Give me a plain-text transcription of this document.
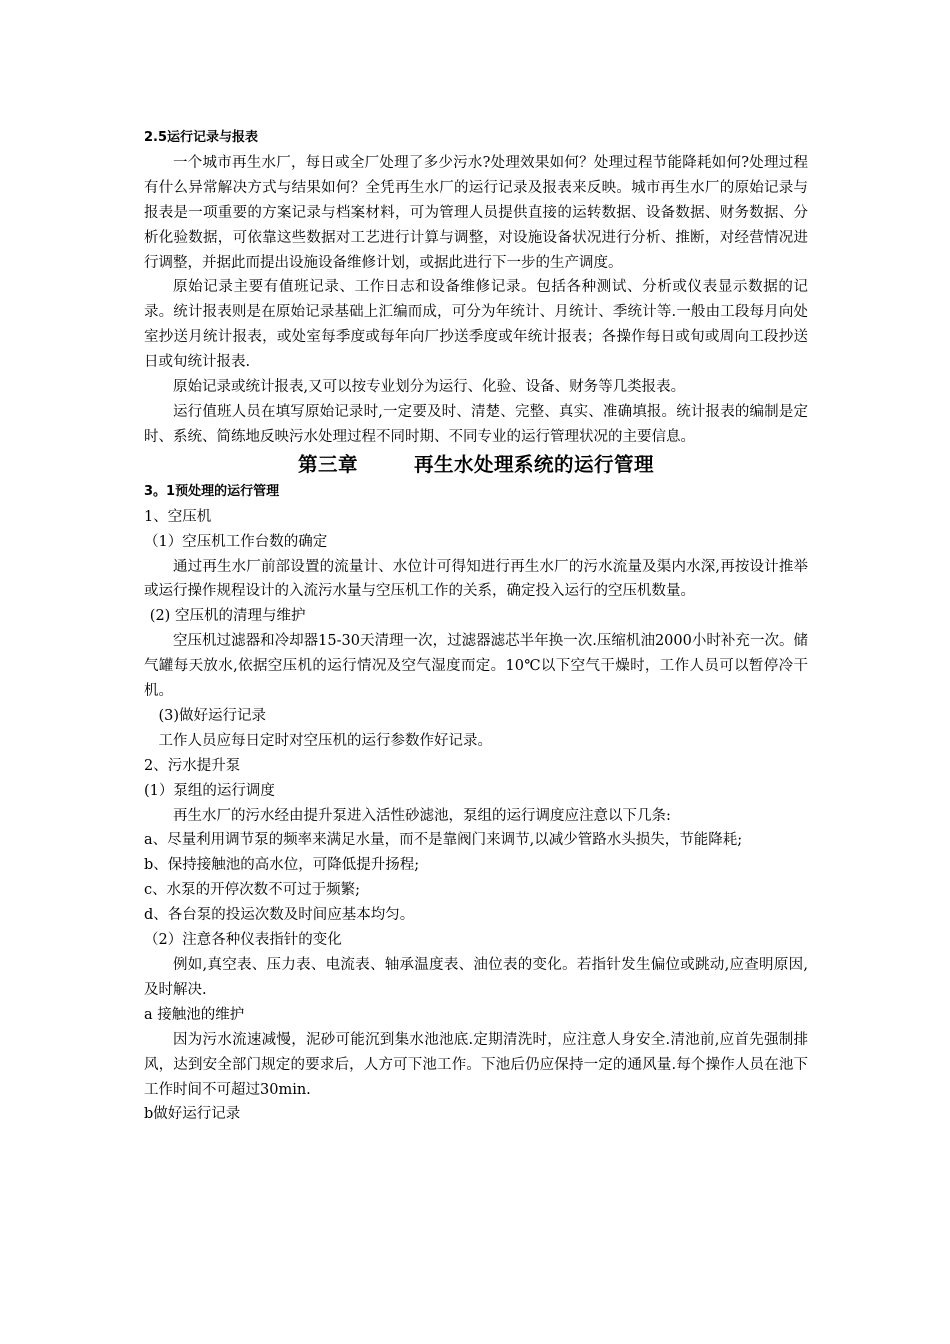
2.5运行记录与报表

一个城市再生水厂，每日或全厂处理了多少污水?处理效果如何？处理过程节能降耗如何?处理过程有什么异常解决方式与结果如何？全凭再生水厂的运行记录及报表来反映。城市再生水厂的原始记录与报表是一项重要的方案记录与档案材料，可为管理人员提供直接的运转数据、设备数据、财务数据、分析化验数据，可依靠这些数据对工艺进行计算与调整，对设施设备状况进行分析、推断，对经营情况进行调整，并据此而提出设施设备维修计划，或据此进行下一步的生产调度。

原始记录主要有值班记录、工作日志和设备维修记录。包括各种测试、分析或仪表显示数据的记录。统计报表则是在原始记录基础上汇编而成，可分为年统计、月统计、季统计等.一般由工段每月向处室抄送月统计报表，或处室每季度或每年向厂抄送季度或年统计报表；各操作每日或旬或周向工段抄送日或旬统计报表.

原始记录或统计报表,又可以按专业划分为运行、化验、设备、财务等几类报表。

运行值班人员在填写原始记录时,一定要及时、清楚、完整、真实、准确填报。统计报表的编制是定时、系统、简练地反映污水处理过程不同时期、不同专业的运行管理状况的主要信息。

第三章	再生水处理系统的运行管理

3。1预处理的运行管理

1、空压机

（1）空压机工作台数的确定

通过再生水厂前部设置的流量计、水位计可得知进行再生水厂的污水流量及渠内水深,再按设计推举或运行操作规程设计的入流污水量与空压机工作的关系，确定投入运行的空压机数量。

(2) 空压机的清理与维护

空压机过滤器和冷却器15-30天清理一次，过滤器滤芯半年换一次.压缩机油2000小时补充一次。储气罐每天放水,依据空压机的运行情况及空气湿度而定。10℃以下空气干燥时，工作人员可以暂停冷干机。

(3)做好运行记录

工作人员应每日定时对空压机的运行参数作好记录。

2、污水提升泵

(1）泵组的运行调度

再生水厂的污水经由提升泵进入活性砂滤池，泵组的运行调度应注意以下几条:

a、尽量利用调节泵的频率来满足水量，而不是靠阀门来调节,以减少管路水头损失，节能降耗;

b、保持接触池的高水位，可降低提升扬程;

c、水泵的开停次数不可过于频繁;

d、各台泵的投运次数及时间应基本均匀。

（2）注意各种仪表指针的变化

例如,真空表、压力表、电流表、轴承温度表、油位表的变化。若指针发生偏位或跳动,应查明原因,及时解决.

a 接触池的维护

因为污水流速减慢，泥砂可能沉到集水池池底.定期清洗时，应注意人身安全.清池前,应首先强制排风，达到安全部门规定的要求后，人方可下池工作。下池后仍应保持一定的通风量.每个操作人员在池下工作时间不可超过30min.

b做好运行记录
